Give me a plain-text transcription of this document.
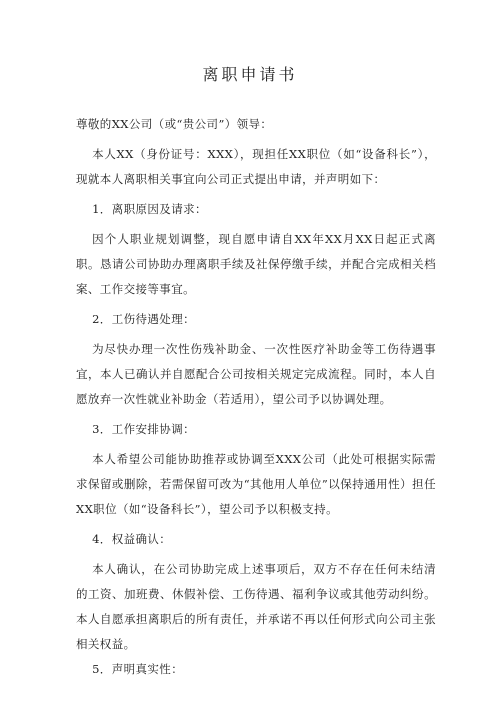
离职申请书

尊敬的XX公司（或“贵公司”）领导：

本人XX（身份证号：XXX），现担任XX职位（如“设备科长”），现就本人离职相关事宜向公司正式提出申请，并声明如下：

1．离职原因及请求：

因个人职业规划调整，现自愿申请自XX年XX月XX日起正式离职。恳请公司协助办理离职手续及社保停缴手续，并配合完成相关档案、工作交接等事宜。

2．工伤待遇处理：

为尽快办理一次性伤残补助金、一次性医疗补助金等工伤待遇事宜，本人已确认并自愿配合公司按相关规定完成流程。同时，本人自愿放弃一次性就业补助金（若适用），望公司予以协调处理。

3．工作安排协调：

本人希望公司能协助推荐或协调至XXX公司（此处可根据实际需求保留或删除，若需保留可改为“其他用人单位”以保持通用性）担任XX职位（如“设备科长”），望公司予以积极支持。

4．权益确认：

本人确认，在公司协助完成上述事项后，双方不存在任何未结清的工资、加班费、休假补偿、工伤待遇、福利争议或其他劳动纠纷。本人自愿承担离职后的所有责任，并承诺不再以任何形式向公司主张相关权益。

5．声明真实性：
